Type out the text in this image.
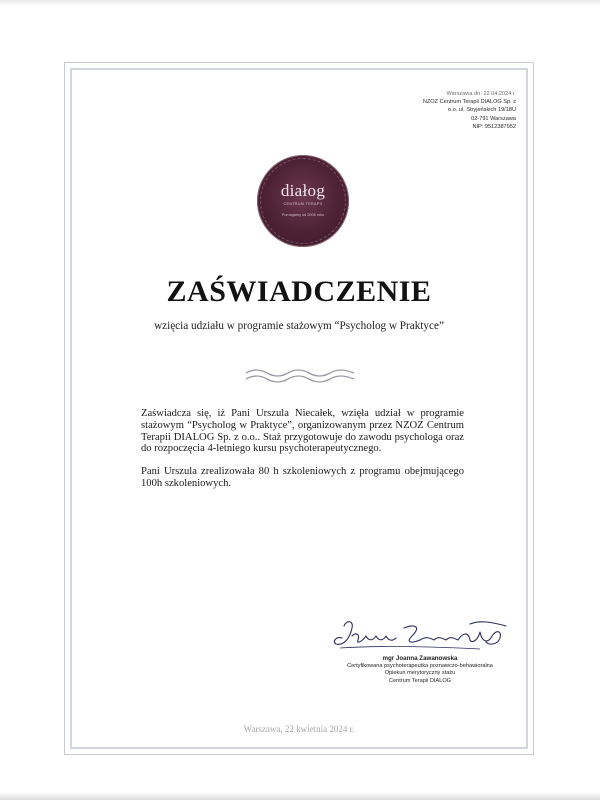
Warszawa dn. 22.04.2024 r.
NZOZ Centrum Terapii DIALOG Sp. z
o.o. ul. Stryjeńskich 19/18U
02-791 Warszawa
NIP: 9512387952
diałog
CENTRUM TERAPII
Pomagamy od 2006 roku
ZAŚWIADCZENIE
wzięcia udziału w programie stażowym “Psycholog w Praktyce”

Zaświadcza się, iż Pani Urszula Niecałek, wzięła udział w programie stażowym “Psycholog w Praktyce”, organizowanym przez NZOZ Centrum Terapii DIALOG Sp. z o.o.. Staż przygotowuje do zawodu psychologa oraz do rozpoczęcia 4-letniego kursu psychoterapeutycznego.

Pani Urszula zrealizowała 80 h szkoleniowych z programu obejmującego 100h szkoleniowych.

mgr Joanna Zawanowska
Certyfikowana psychoterapeutka poznawczo-behawioralna
Opiekun merytoryczny stażu
Centrum Terapii DIALOG
Warszawa, 22 kwietnia 2024 r.
